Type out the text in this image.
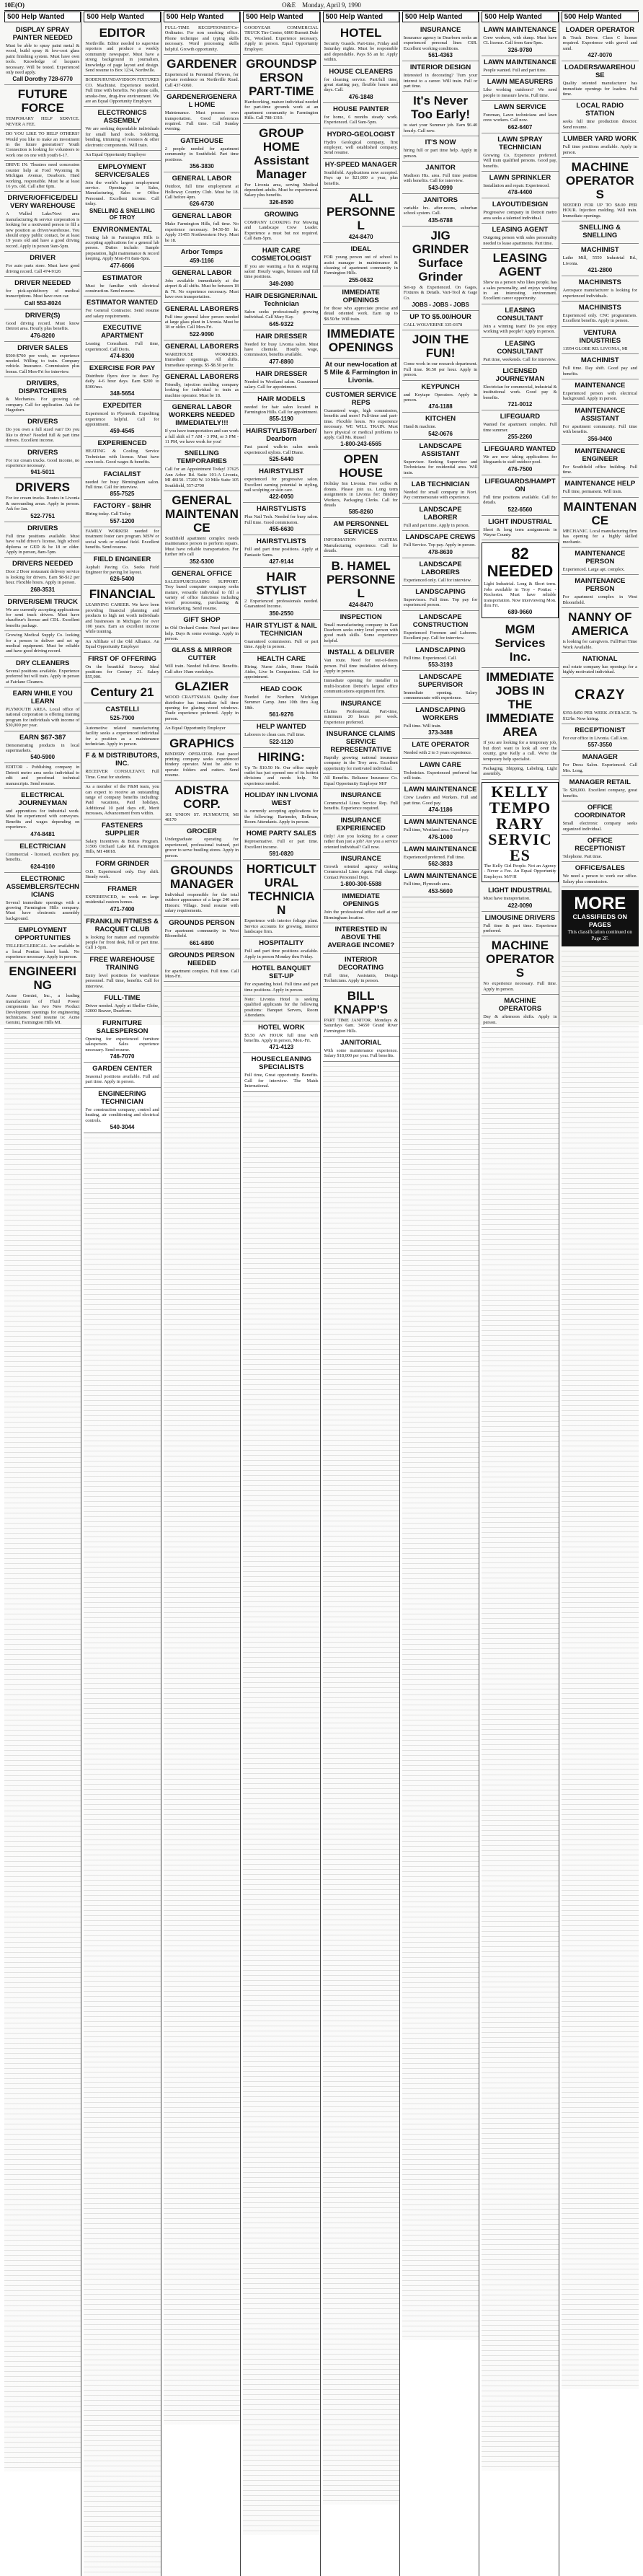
10E(O)	O&E Monday, April 9, 1990
500 Help Wanted
DISPLAY SPRAY PAINTER NEEDED
Must be able to spray paint metal & wood, build spray & low-cost glass paint finishing system. Must have own tools. Knowledge of lacquers necessary. Will be tested. Experienced only need apply.
Call Dorothy 728-6770
FUTURE FORCE
TEMPORARY HELP SERVICE. NEVER A FEE.
DO YOU LIKE TO HELP OTHERS? Would you like to make an investment in the future generation? Youth Connection is looking for volunteers to work one on one with youth 6-17.
DRIVE IN: Theatres need concession counter help at Ford Wyoming & Michigan Avenue, Dearborn. Hard working, responsible. Must be at least 16 yrs. old. Call after 6pm.
DRIVER/OFFICE/DELIVERY WAREHOUSE
A Walled Lake/Novi area manufacturing & service corporation is looking for a motivated person to fill a new position as driver/warehouse. You should enjoy public contact, be at least 19 years old and have a good driving record. Apply in person 9am-5pm.
DRIVER
For auto parts store. Must have good driving record. Call 474-9126
DRIVER NEEDED
for pick-up/delivery of medical transcriptions. Must have own car.
Call 553-8024
DRIVER(S)
Good driving record. Must know Detroit area. Hourly plus benefits.
476-8200
DRIVER SALES
$500-$700 per week, no experience needed. Willing to train. Company vehicle. Insurance. Commission plus bonus. Call Mon-Fri for interview.
DRIVERS, DISPATCHERS
& Mechanics. For growing cab company. Call for application. Ask for Hagedorn.
DRIVERS
Do you own a full sized van? Do you like to drive? Needed full & part time drivers. Excellent income.
DRIVERS
For ice cream trucks. Good income, no experience necessary.
941-5011
DRIVERS
For ice cream trucks. Routes in Livonia & surrounding areas. Apply in person. Ask for Jan.
522-7751
DRIVERS
Full time positions available. Must have valid driver's license, high school diploma or GED & be 18 or older. Apply in person, 8am-5pm.
DRIVERS NEEDED
Door 2 Door restaurant delivery service is looking for drivers. Earn $8-$12 per hour. Flexible hours. Apply in person.
268-3531
DRIVER/SEMI TRUCK
We are currently accepting applications for semi truck drivers. Must have chauffeur's license and CDL. Excellent benefits package.
Growing Medical Supply Co. looking for a person to deliver and set up medical equipment. Must be reliable and have good driving record.
DRY CLEANERS
Several positions available. Experience preferred but will train. Apply in person at Fairlane Cleaners.
EARN WHILE YOU LEARN
PLYMOUTH AREA. Local office of national corporation is offering training program for individuals with income of $30,000 per year.
EARN $67-387
Demonstrating products in local supermarkets.
540-5900
EDITOR - Publishing company in Detroit metro area seeks individual to edit and proofread technical manuscripts. Send resume.
ELECTRICAL JOURNEYMAN
and apprentices for industrial work. Must be experienced with conveyors. Benefits and wages depending on experience.
474-8481
ELECTRICIAN
Commercial - licensed, excellent pay, benefits.
624-4100
ELECTRONIC ASSEMBLERS/TECHNICIANS
Several immediate openings with a growing Farmington Hills company. Must have electronic assembly background.
EMPLOYMENT OPPORTUNITIES
TELLER/CLERICAL. Are available in a local Pontiac based bank. No experience necessary. Apply in person.
ENGINEERING
Acme Gemini, Inc., a leading manufacturer of Fluid Power components has two New Product Development openings for engineering technicians. Send resume to: Acme Gemini, Farmington Hills MI.
500 Help Wanted
EDITOR
Northville. Editor needed to supervise reporters and produce a weekly community newspaper. Must have a strong background in journalism, knowledge of page layout and design. Send resume to Box 1234, Northville.
BODEN/HUNDAVIDSON FIXTURES CO. Machinist. Experience needed. Full time with benefits. No phone calls, smoke-free, drug-free environment. We are an Equal Opportunity Employer.
ELECTRONICS ASSEMBLY
We are seeking dependable individuals for small hand tools. Soldering, bending, trimming of resistors & other electronic components. Will train.
An Equal Opportunity Employer
EMPLOYMENT SERVICE/SALES
Join the world's largest employment service. Openings in Sales, Manufacturing, Sales or Office Personnel. Excellent income. Call today.
SNELLING & SNELLING OF TROY
ENVIRONMENTAL
Testing lab in Farmington Hills is accepting applications for a general lab person. Duties include: Sample preparation, light maintenance & record keeping. Apply Mon-Fri 8am-5pm.
477-6666
ESTIMATOR
Must be familiar with electrical construction. Send resume.
ESTIMATOR WANTED
For General Contractor. Send resume and salary requirements.
EXECUTIVE APARTMENT
Leasing Consultant. Full time, experienced. Call Doris.
474-8300
EXERCISE FOR PAY
Distribute flyers door to door. Pay daily. 4-6 hour days. Earn $200 to $300/mo.
348-5654
EXPEDITER
Experienced in Plymouth. Expediting experience helpful. Call for appointment.
459-4545
EXPERIENCED
HEATING & Cooling Service Technician with license. Must have own tools. Good wages & benefits.
FACIAL/IST
needed for busy Birmingham salon. Full time. Call for interview.
855-7525
FACTORY - $8/HR
Hiring today. Call Today
557-1200
FAMILY WORKER needed for treatment foster care program. MSW or social work or related field. Excellent benefits. Send resume.
FIELD ENGINEER
Asphalt Paving Co. Seeks Field Engineer for paving lot layout.
626-5400
FINANCIAL
LEARNING CAREER. We have been providing financial planning and products to high net worth individuals and businesses in Michigan for over 100 years. Earn an excellent income while training.
An Affiliate of the Old Alliance. An Equal Opportunity Employer
FIRST OF OFFERING
On the beautiful Seaway. Ideal positions for Century 21. Salary $55,900.
Century 21
CASTELLI
525-7900
Automotive related manufacturing facility seeks a experienced individual for a position as a maintenance technician. Apply in person.
F & M DISTRIBUTORS, INC.
RECEIVER CONSULTANT. Full Time. Great for students.
As a member of the F&M team, you can expect to receive an outstanding range of company benefits including: Paid vacations, Paid holidays, Additional 10 paid days off, Merit increases, Advancement from within.
FASTENERS SUPPLIER
Salary Incentives & Bonus Program. 31506 Orchard Lake Rd. Farmington Hills, MI 48018.
FORM GRINDER
O.D. Experienced only. Day shift. Steady work.
FRAMER
EXPERIENCED, to work on large residential custom homes.
471-7400
FRANKLIN FITNESS & RACQUET CLUB
is looking for mature and responsible people for front desk, full or part time. Call 1-5pm.
FREE WAREHOUSE TRAINING
Entry level positions for warehouse personnel. Full time, benefits. Call for interview.
FULL-TIME
Driver needed. Apply at Sheller Globe, 32000 Beaver, Dearborn.
FURNITURE SALESPERSON
Opening for experienced furniture salesperson. Sales experience necessary. Send resume.
746-7070
GARDEN CENTER
Seasonal positions available. Full and part time. Apply in person.
ENGINEERING TECHNICIAN
For construction company, control and heating, air conditioning and electrical controls.
540-3044
500 Help Wanted
FULL-TIME RECEPTIONIST/Co-Ordinator. For non smoking office. Phone technique and typing skills necessary. Word processing skills helpful. Growth opportunity.
GARDENER
Experienced in Perennial Flowers, for private residence on Northville Road. Call 437-6060.
GARDENER/GENERAL HOME
Maintenance. Must possess own transportation. Good references required. Full time. Call Sunday evening.
GATEHOUSE
2 people needed for apartment community in Southfield. Part time positions.
356-3830
GENERAL LABOR
Outdoor, full time employment at Holloway Country Club. Must be 18. Call before 4pm.
626-6730
GENERAL LABOR
Make Farmington Hills, full time. No experience necessary. $4.50-$5 hr. Apply 31455 Northwestern Hwy. Must be 18.
Arbor Temps
459-1166
GENERAL LABOR
Jobs available immediately at the airport & all shifts. Must be between 18 & 70. No experience necessary. Must have own transportation.
GENERAL LABORERS
Full time general labor person needed at large glass plant in Livonia. Must be 18 or older. Call Mon-Fri.
522-9090
GENERAL LABORERS
WAREHOUSE WORKERS. Immediate openings. All shifts. Immediate openings. $5-$8.50 per hr.
GENERAL LABORERS
Friendly, injection molding company looking for individual to train as machine operator. Must be 18.
GENERAL LABOR WORKERS NEEDED IMMEDIATELY!!!
If you have transportation and can work a full shift of 7 AM - 3 PM, or 3 PM - 11 PM, we have work for you!
SNELLING TEMPORARIES
Call for an Appointment Today! 37625 Ann Arbor Rd. Suite 101-A Livonia, MI 48150. 17200 W. 10 Mile Suite 105 Southfield, 557-2700
GENERAL MAINTENANCE
Southfield apartment complex needs maintenance person to perform repairs. Must have reliable transportation. For further info call
352-5300
GENERAL OFFICE
SALES/PURCHASING SUPPORT. Troy based computer company seeks mature, versatile individual to fill a variety of office functions including word processing, purchasing & telemarketing. Send resume.
GIFT SHOP
in Old Orchard Center. Need part time help. Days & some evenings. Apply in person.
GLASS & MIRROR CUTTER
Will train. Needed full-time. Benefits. Call after 10am weekdays.
GLAZIER
WOOD CRAFTSMAN. Quality door distributor has immediate full time opening for glazing wood windows. Trade experience preferred. Apply in person.
An Equal Opportunity Employer
GRAPHICS
BINDERY OPERATOR. Fast paced printing company seeks experienced bindery operator. Must be able to operate folders and cutters. Send resume.
ADISTRA CORP.
101 UNION ST. PLYMOUTH, MI 48170
GROCER
Undergraduate operating for experienced, professional trained, pet grocer to serve bustling stores. Apply in person.
GROUNDS MANAGER
Individual responsible for the total outdoor appearance of a large 240 acre Historic Village. Send resume with salary requirements.
GROUNDS PERSON
For apartment community in West Bloomfield.
661-6890
GROUNDS PERSON NEEDED
for apartment complex. Full time. Call Mon-Fri.
500 Help Wanted
GOODYEAR COMMERCIAL TRUCK Tire Center, 6860 Burnett Dale Dr., Westland. Experience necessary. Apply in person. Equal Opportunity Employer.
GROUNDSPERSON PART-TIME
Hardworking, mature individual needed for part-time grounds work at an apartment community in Farmington Hills. Call 788-1310.
GROUP HOME Assistant Manager
For Livonia area, serving Medical dependent adults. Must be experienced. Salary plus benefits.
326-8590
GROWING
COMPANY LOOKING For Mowing and Landscape Crew Leader. Experience a must but not required. Call 8am-5pm.
HAIR CARE COSMETOLOGIST
If you are wanting a fun & outgoing salon! Hourly wages, bonuses and full time positions.
349-2080
HAIR DESIGNER/NAIL Technician
Salon seeks professionally growing individual. Call Mary Kay.
645-9322
HAIR DRESSER
Needed for busy Livonia salon. Must have clientele. Hourly wage, commission, benefits available.
477-8860
HAIR DRESSER
Needed in Westland salon. Guaranteed salary. Call for appointment.
HAIR MODELS
needed for hair salon located in Farmington Hills. Call for appointment.
855-1190
HAIRSTYLIST/Barber/Dearborn
Fast paced walk-in salon needs experienced stylists. Call Diane.
525-5440
HAIRSTYLIST
experienced for progressive salon. Excellent earning potential in styling, nail sculpting or skin care.
422-0050
HAIRSTYLISTS
Plus Nail Tech. Needed for busy salon. Full time. Good commission.
455-6630
HAIRSTYLISTS
Full and part time positions. Apply at Fantastic Sams.
427-9144
HAIR STYLIST
2 Experienced professionals needed. Guaranteed Income.
350-2550
HAIR STYLIST & NAIL TECHNICIAN
Guaranteed commission. Full or part time. Apply in person.
HEALTH CARE
Hiring. Nurse Aides, Home Health Aides, Live In Companions. Call for appointment.
HEAD COOK
Needed for Northern Michigan Summer Camp. June 10th thru Aug 18th.
561-9276
HELP WANTED
Laborers to clean cars. Full time.
522-1120
HIRING:
Up To $10.50 Hr. Our office supply outlet has just opened one of its hottest divisions and needs help. No experience needed.
HOLIDAY INN LIVONIA WEST
is currently accepting applications for the following: Bartender, Bellman, Room Attendants. Apply in person.
HOME PARTY SALES
Representative. Full or part time. Excellent income.
591-0820
HORTICULTURAL TECHNICIAN
Experience with interior foliage plant. Service accounts for growing, interior landscape firm.
HOSPITALITY
Full and part time positions available. Apply in person Monday thru Friday.
HOTEL BANQUET SET-UP
For expanding hotel. Full time and part time positions. Apply in person.
Note: Livonia Hotel is seeking qualified applicants for the following positions: Banquet Servers, Room Attendants.
HOTEL WORK
$5.50 AN HOUR full time with benefits. Apply in person, Mon.-Fri.
471-4123
HOUSECLEANING SPECIALISTS
Full time, Great opportunity. Benefits. Call for interview. The Maids International.
500 Help Wanted
HOTEL
Security Guards. Part-time, Friday and Saturday nights. Must be responsible and dependable. Pays $5 an hr. Apply within.
HOUSE CLEANERS
for cleaning service. Part/full time, great starting pay, flexible hours and days. Call.
476-1848
HOUSE PAINTER
for home, 6 months steady work. Experienced. Call 9am-5pm.
HYDRO-GEOLOGIST
Hydro Geological company, first employer, well established company. Send resume.
HY-SPEED MANAGER
Southfield. Applications now accepted. Pays up to $21,000 a year, plus benefits.
ALL PERSONNEL
424-8470
IDEAL
FOR young person out of school to assist manager in maintenance & cleaning of apartment community in Farmington Hills.
255-0632
IMMEDIATE OPENINGS
for those who appreciate precise and detail oriented work. Earn up to $8.50/hr. Will train.
IMMEDIATE OPENINGS
At our new-location at 5 Mile & Farmington in Livonia.
CUSTOMER SERVICE REPS
Guaranteed wage, high commission, benefits and more! Full-time and part-time. Flexible hours. No experience necessary. WE WILL TRAIN. Must have physical or medical problems to apply. Call Ms. Russel
1-800-243-6565
OPEN HOUSE
Holiday Inn Livonia. Free coffee & donuts. Please join us. Long term assignments in Livonia for: Bindery Workers, Packaging Clerks. Call for details
585-8260
AM PERSONNEL SERVICES
INFORMATION SYSTEM. Manufacturing experience. Call for details.
B. HAMEL PERSONNEL
424-8470
INSPECTION
Small manufacturing company in East Dearborn seeks entry level person with good math skills. Some experience helpful.
INSTALL & DELIVER
Van route. Need for out-of-doors person. Full time installation delivery. Apply in person.
Immediate opening for installer in multi-location Detroit's largest office communications equipment firm.
INSURANCE
Claims Professional. Part-time, minimum 20 hours per week. Experience preferred.
INSURANCE CLAIMS SERVICE REPRESENTATIVE
Rapidly growing national insurance company in the Troy area. Excellent opportunity for motivated individual.
All Benefits. Reliance Insurance Co. Equal Opportunity Employer M/F
INSURANCE
Commercial Lines Service Rep. Full benefits. Experience required.
INSURANCE EXPERIENCED
Only! Are you looking for a career rather than just a job? Are you a service oriented individual? Call now.
INSURANCE
Growth oriented agency seeking Commercial Lines Agent. Full charge. Contact Personnel Dept.
1-800-300-5588
IMMEDIATE OPENINGS
Join the professional office staff at our Birmingham location.
INTERESTED IN ABOVE THE AVERAGE INCOME?
INTERIOR DECORATING
Full time, Assistants, Design Technicians. Apply in person.
BILL KNAPP'S
PART TIME JANITOR. Mondays & Saturdays 6am. 34650 Grand River Farmington Hills.
JANITORIAL
With some maintenance experience. Salary $18,000 per year. Full benefits.
500 Help Wanted
INSURANCE
Insurance agency in Dearborn seeks an experienced personal lines CSR. Excellent working conditions.
561-4363
INTERIOR DESIGN
Interested in decorating? Turn your interest to a career. Will train. Full or part time.
It's Never Too Early!
to start your Summer job. Earn $6.40 hourly. Call now.
IT'S NOW
hiring full or part time help. Apply in person.
JANITOR
Madison Hts. area. Full time position with benefits. Call for interview.
543-0990
JANITORS
variable hrs. after-noons, suburban school system. Call.
435-6788
JIG GRINDER Surface Grinder
Set-up & Experienced. On Gages, Fixtures & Details. Vari-Tool & Gage Co.
JOBS - JOBS - JOBS
UP TO $5.00/HOUR
CALL WOLVERINE 335-0378
JOIN THE FUN!
Come work in our research department. Full time. $6.50 per hour. Apply in person.
KEYPUNCH
and Keytape Operators. Apply in person.
474-1188
KITCHEN
Hand & machine.
542-0676
LANDSCAPE ASSISTANT
Supervisor. Seeking Supervisor and Technicians for residential area. Will train.
LAB TECHNICIAN
Needed for small company in Novi. Pay commensurate with experience.
LANDSCAPE LABORER
Full and part time. Apply in person.
LANDSCAPE CREWS
Full Service. Top pay. Apply in person.
478-8630
LANDSCAPE LABORERS
Experienced only. Call for interview.
LANDSCAPING
Supervisors. Full time. Top pay for experienced person.
LANDSCAPE CONSTRUCTION
Experienced Foremen and Laborers. Excellent pay. Call for interview.
LANDSCAPING
Full time. Experienced. Call.
553-3193
LANDSCAPE SUPERVISOR
Immediate opening. Salary commensurate with experience.
LANDSCAPING WORKERS
Full time. Will train.
373-3488
LATE OPERATOR
Needed with 2 to 3 years experience.
LAWN CARE
Technician. Experienced preferred but will train.
LAWN MAINTENANCE
Crew Leaders and Workers. Full and part time. Good pay.
474-1186
LAWN MAINTENANCE
Full time, Westland area. Good pay.
476-1000
LAWN MAINTENANCE
Experienced preferred. Full time.
562-3833
LAWN MAINTENANCE
Full time, Plymouth area.
453-5600
500 Help Wanted
LAWN MAINTENANCE
Crew workers, with dump. Must have CL license. Call from 6am-5pm.
326-9780
LAWN MAINTENANCE
People wanted. Full and part time.
LAWN MEASURERS
Like working outdoors? We need people to measure lawns. Full time.
LAWN SERVICE
Foreman, Lawn technicians and lawn crew workers. Call now.
662-6407
LAWN SPRAY TECHNICIAN
Growing Co. Experience preferred. Will train qualified persons. Good pay, benefits.
LAWN SPRINKLER
Installation and repair. Experienced.
478-4400
LAYOUT/DESIGN
Progressive company in Detroit metro area seeks a talented individual.
LEASING AGENT
Outgoing person with sales personality needed to lease apartments. Part time.
LEASING AGENT
Show us a person who likes people, has a sales personality, and enjoys working in an interesting environment. Excellent career opportunity.
LEASING CONSULTANT
Join a winning team! Do you enjoy working with people? Apply in person.
LEASING CONSULTANT
Part time, weekends. Call for interview.
LICENSED JOURNEYMAN
Electrician for commercial, industrial & institutional work. Good pay & benefits.
721-0012
LIFEGUARD
Wanted for apartment complex. Full time summer.
255-2260
LIFEGUARD WANTED
We are now taking applications for lifeguards to staff outdoor pool.
476-7500
LIFEGUARDS/HAMPTON
Full time positions available. Call for details.
522-6560
LIGHT INDUSTRIAL
Short & long term assignments in Wayne County.
82 NEEDED
Light Industrial. Long & Short term. Jobs available in Troy - Pontiac - Rochester. Must have reliable transportation. Now interviewing Mon. thru Fri.
689-9660
MGM Services Inc.
IMMEDIATE JOBS IN THE IMMEDIATE AREA
If you are looking for a temporary job, but don't want to look all over the county, give Kelly a call. We're the temporary help specialist.
Packaging, Shipping, Labeling, Light assembly.
KELLY TEMPORARY SERVICES
The Kelly Girl People. Not an Agency - Never a Fee. An Equal Opportunity Employer. M/F/H
LIGHT INDUSTRIAL
Must have transportation.
422-0090
LIMOUSINE DRIVERS
Full time & part time. Experience preferred.
MACHINE OPERATORS
No experience necessary. Full time. Apply in person.
MACHINE OPERATORS
Day & afternoon shifts. Apply in person.
500 Help Wanted
LOADER OPERATOR
& Truck Driver. Class C license required. Experience with gravel and sand.
427-0070
LOADERS/WAREHOUSE
Quality oriented manufacturer has immediate openings for loaders. Full time.
LOCAL RADIO STATION
seeks full time production director. Send resume.
LUMBER YARD WORK
Full time positions available. Apply in person.
MACHINE OPERATORS
NEEDED FOR UP TO $8.00 PER HOUR. Injection molding. Will train. Immediate openings.
SNELLING & SNELLING
MACHINIST
Lathe Mill, 5550 Industrial Rd., Livonia.
421-2800
MACHINISTS
Aerospace manufacturer is looking for experienced individuals.
MACHINISTS
Experienced only. CNC programmers. Excellent benefits. Apply in person.
VENTURA INDUSTRIES
11954 GLOBE RD. LIVONIA, MI
MACHINIST
Full time. Day shift. Good pay and benefits.
MAINTENANCE
Experienced person with electrical background. Apply in person.
MAINTENANCE ASSISTANT
For apartment community. Full time with benefits.
356-0400
MAINTENANCE ENGINEER
For Southfield office building. Full time.
MAINTENANCE HELP
Full time, permanent. Will train.
MAINTENANCE
MECHANIC. Local manufacturing firm has opening for a highly skilled mechanic.
MAINTENANCE PERSON
Experienced. Large apt. complex.
MAINTENANCE PERSON
For apartment complex in West Bloomfield.
NANNY OF AMERICA
is looking for caregivers. Full/Part Time Work Available.
NATIONAL
real estate company has openings for a highly motivated individual.
CRAZY
$350-$450 PER WEEK AVERAGE. To $12/hr. Now hiring.
RECEPTIONIST
For our office in Livonia. Call Ann.
557-3550
MANAGER
For Dress Salon. Experienced. Call Mrs. Long.
MANAGER RETAIL
To $28,000. Excellent company, great benefits.
OFFICE COORDINATOR
Small electronic company seeks organized individual.
OFFICE RECEPTIONIST
Telephone. Part time.
OFFICE/SALES
We need a person to work our office. Salary plus commission.
MORE
CLASSIFIEDS ON PAGES
This classification continued on Page 2F.
